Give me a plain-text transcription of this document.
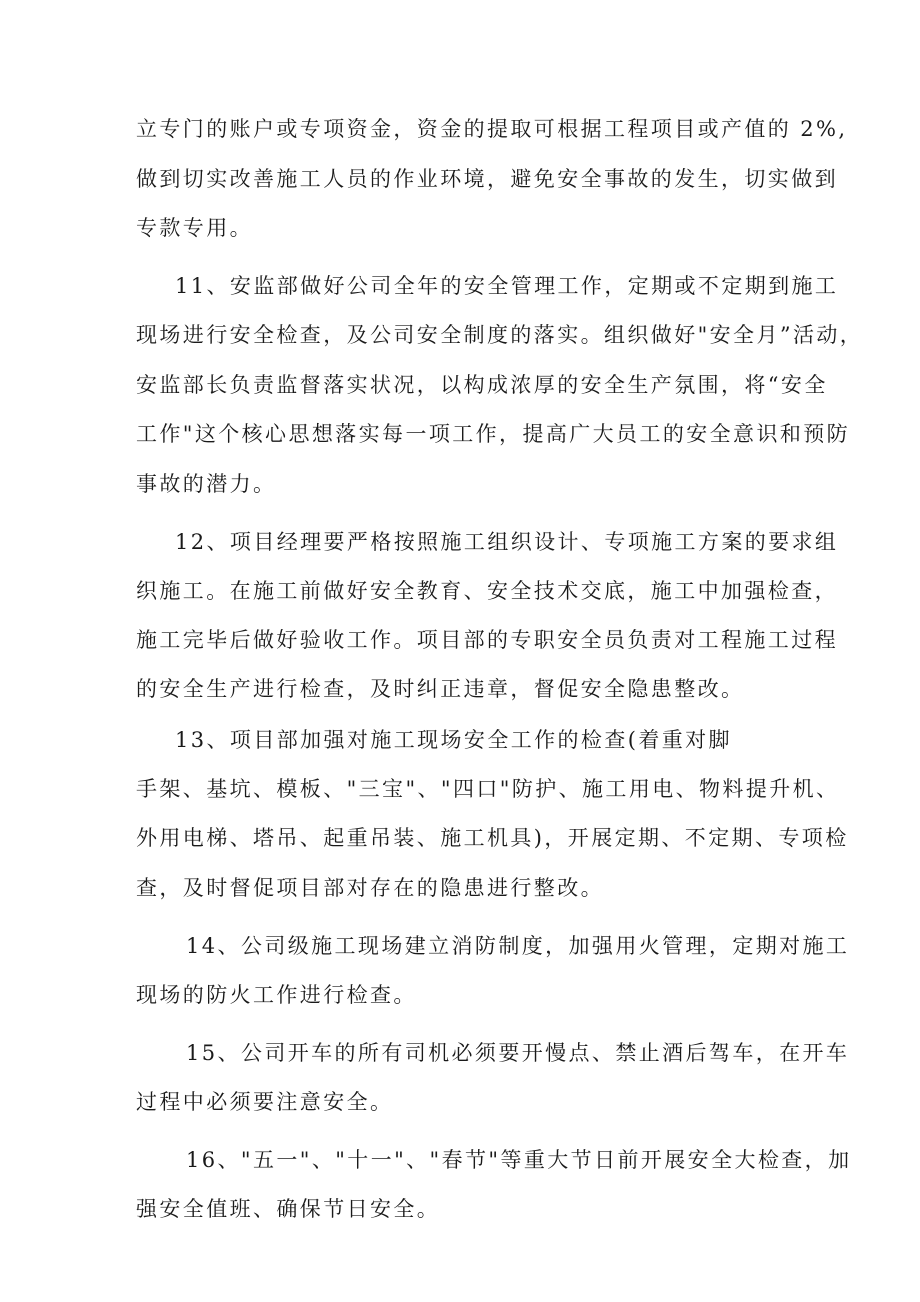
立专门的账户或专项资金，资金的提取可根据工程项目或产值的 2%,
做到切实改善施工人员的作业环境，避免安全事故的发生，切实做到
专款专用。
11、安监部做好公司全年的安全管理工作，定期或不定期到施工
现场进行安全检查，及公司安全制度的落实。组织做好"安全月”活动，
安监部长负责监督落实状况，以构成浓厚的安全生产氛围，将“安全
工作"这个核心思想落实每一项工作，提高广大员工的安全意识和预防
事故的潜力。
12、项目经理要严格按照施工组织设计、专项施工方案的要求组
织施工。在施工前做好安全教育、安全技术交底，施工中加强检查，
施工完毕后做好验收工作。项目部的专职安全员负责对工程施工过程
的安全生产进行检查，及时纠正违章，督促安全隐患整改。
13、项目部加强对施工现场安全工作的检查(着重对脚
手架、基坑、模板、"三宝"、"四口"防护、施工用电、物料提升机、
外用电梯、塔吊、起重吊装、施工机具)，开展定期、不定期、专项检
查，及时督促项目部对存在的隐患进行整改。
14、公司级施工现场建立消防制度，加强用火管理，定期对施工
现场的防火工作进行检查。
15、公司开车的所有司机必须要开慢点、禁止酒后驾车，在开车
过程中必须要注意安全。
16、"五一"、"十一"、"春节"等重大节日前开展安全大检查，加
强安全值班、确保节日安全。
